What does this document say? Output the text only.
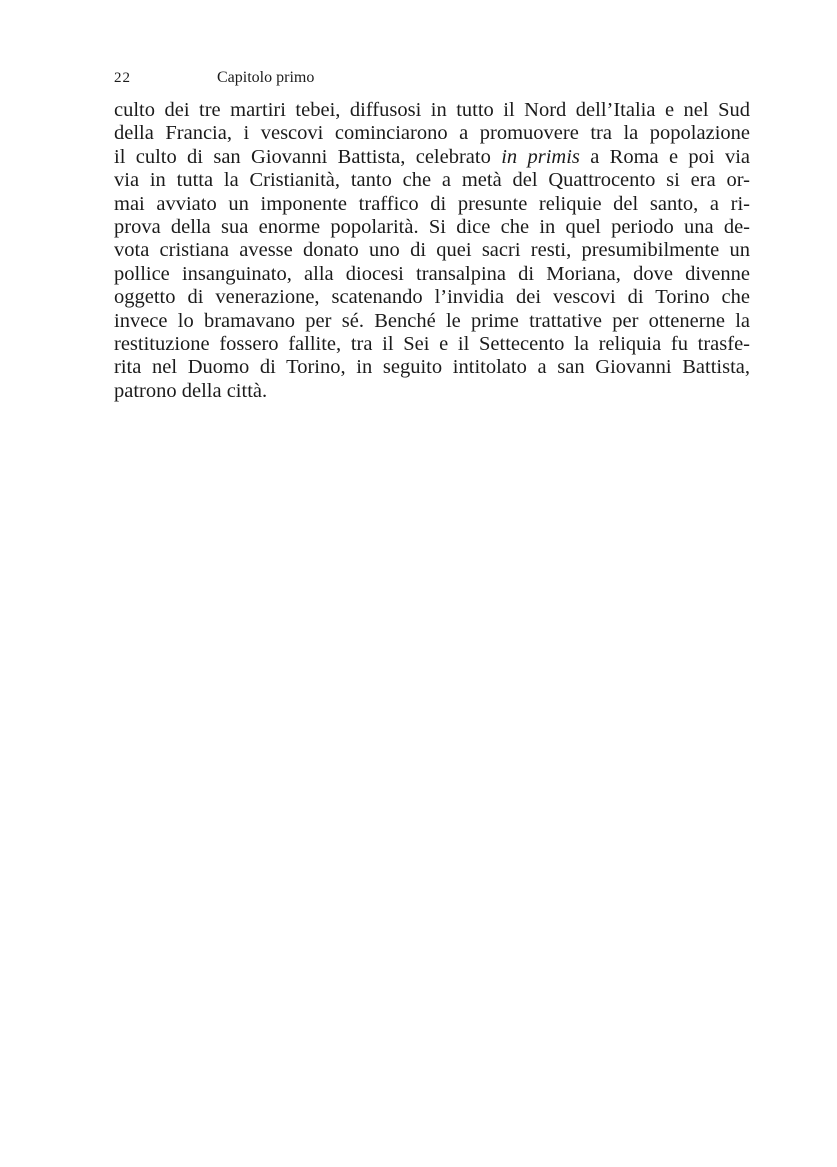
22	Capitolo primo
culto dei tre martiri tebei, diffusosi in tutto il Nord dell’Italia e nel Sud
della Francia, i vescovi cominciarono a promuovere tra la popolazione
il culto di san Giovanni Battista, celebrato in primis a Roma e poi via
via in tutta la Cristianità, tanto che a metà del Quattrocento si era or-
mai avviato un imponente traffico di presunte reliquie del santo, a ri-
prova della sua enorme popolarità. Si dice che in quel periodo una de-
vota cristiana avesse donato uno di quei sacri resti, presumibilmente un
pollice insanguinato, alla diocesi transalpina di Moriana, dove divenne
oggetto di venerazione, scatenando l’invidia dei vescovi di Torino che
invece lo bramavano per sé. Benché le prime trattative per ottenerne la
restituzione fossero fallite, tra il Sei e il Settecento la reliquia fu trasfe-
rita nel Duomo di Torino, in seguito intitolato a san Giovanni Battista,
patrono della città.
